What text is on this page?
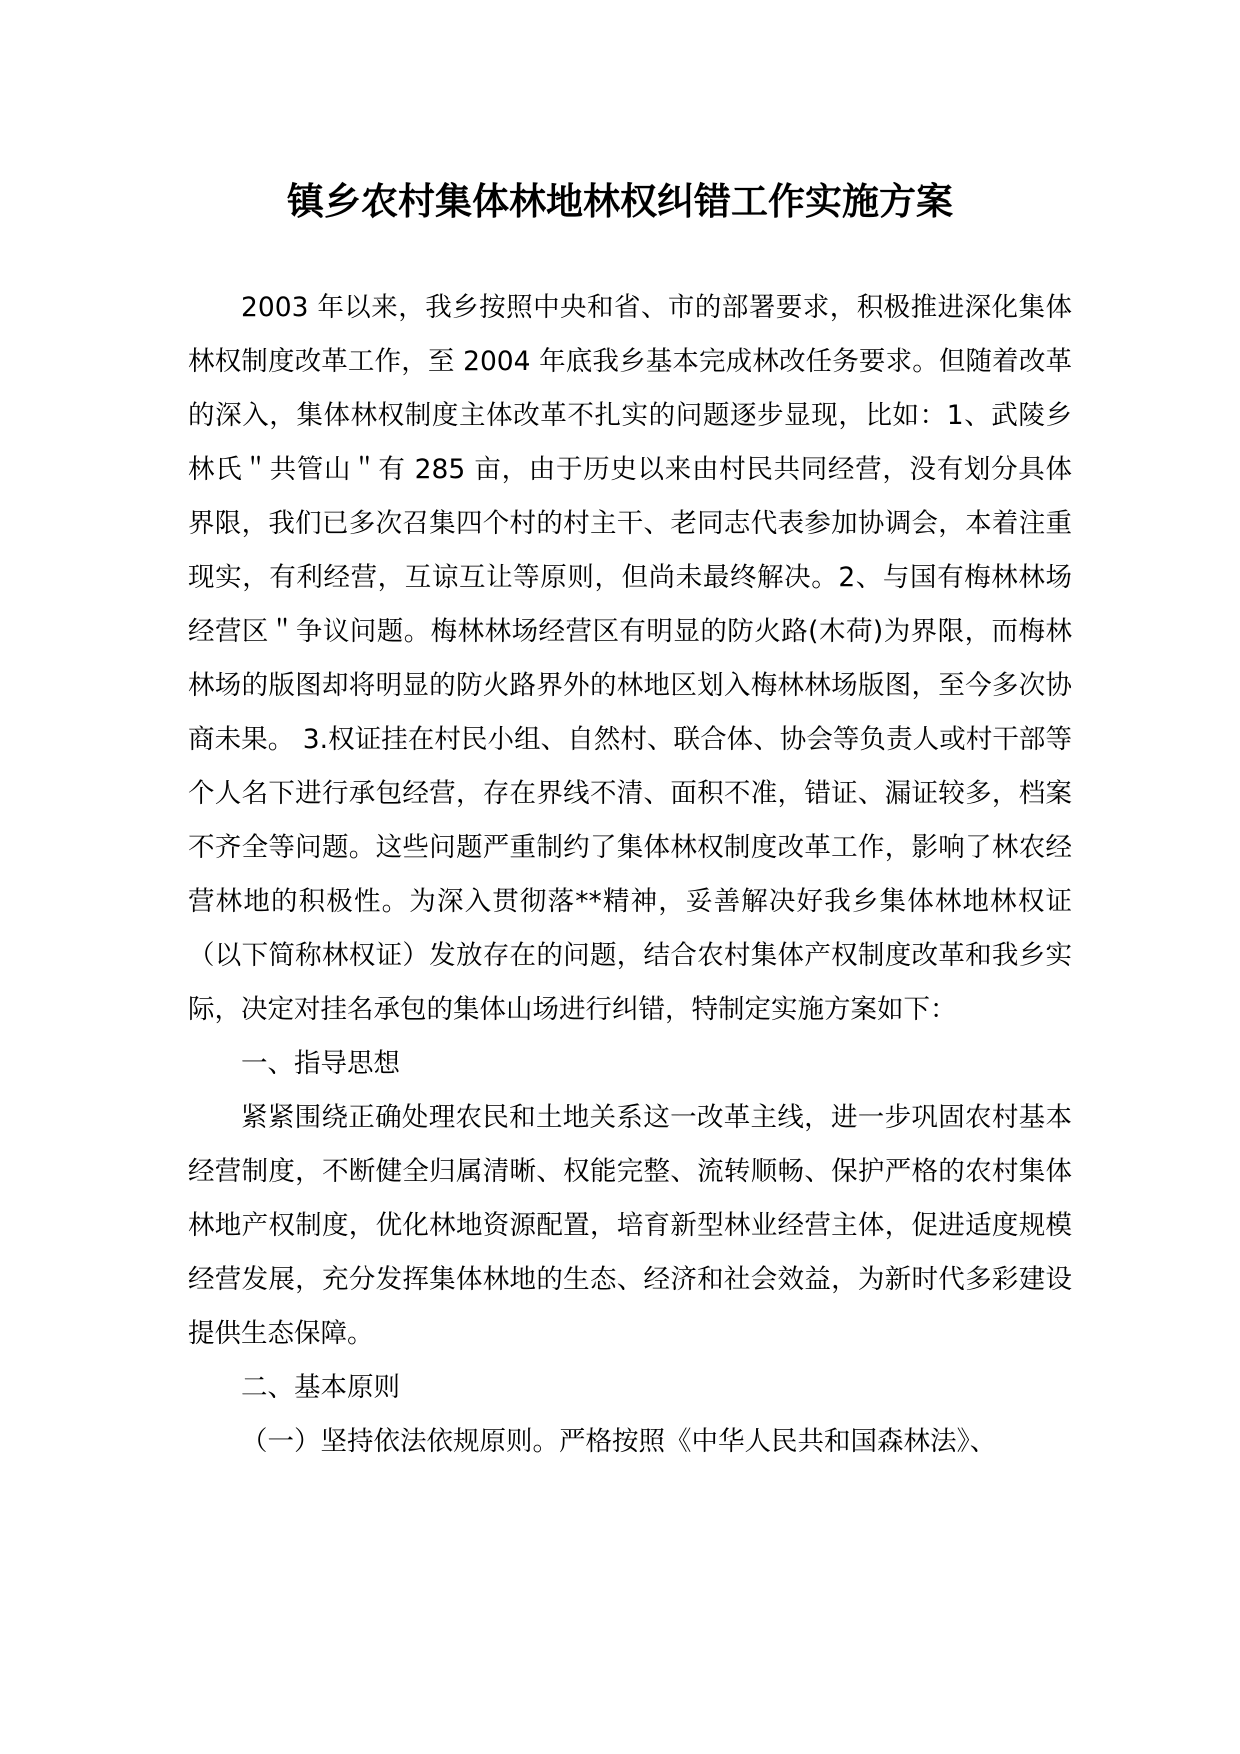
镇乡农村集体林地林权纠错工作实施方案

2003 年以来，我乡按照中央和省、市的部署要求，积极推进深化集体林权制度改革工作，至 2004 年底我乡基本完成林改任务要求。但随着改革的深入，集体林权制度主体改革不扎实的问题逐步显现，比如：1、武陵乡林氏＂共管山＂有 285 亩，由于历史以来由村民共同经营，没有划分具体界限，我们已多次召集四个村的村主干、老同志代表参加协调会，本着注重现实，有利经营，互谅互让等原则，但尚未最终解决。2、与国有梅林林场经营区＂争议问题。梅林林场经营区有明显的防火路(木荷)为界限，而梅林林场的版图却将明显的防火路界外的林地区划入梅林林场版图，至今多次协商未果。 3.权证挂在村民小组、自然村、联合体、协会等负责人或村干部等个人名下进行承包经营，存在界线不清、面积不准，错证、漏证较多，档案不齐全等问题。这些问题严重制约了集体林权制度改革工作，影响了林农经营林地的积极性。为深入贯彻落**精神，妥善解决好我乡集体林地林权证（以下简称林权证）发放存在的问题，结合农村集体产权制度改革和我乡实际，决定对挂名承包的集体山场进行纠错，特制定实施方案如下：

一、指导思想

紧紧围绕正确处理农民和土地关系这一改革主线，进一步巩固农村基本经营制度，不断健全归属清晰、权能完整、流转顺畅、保护严格的农村集体林地产权制度，优化林地资源配置，培育新型林业经营主体，促进适度规模经营发展，充分发挥集体林地的生态、经济和社会效益，为新时代多彩建设提供生态保障。

二、基本原则

（一）坚持依法依规原则。严格按照《中华人民共和国森林法》、
